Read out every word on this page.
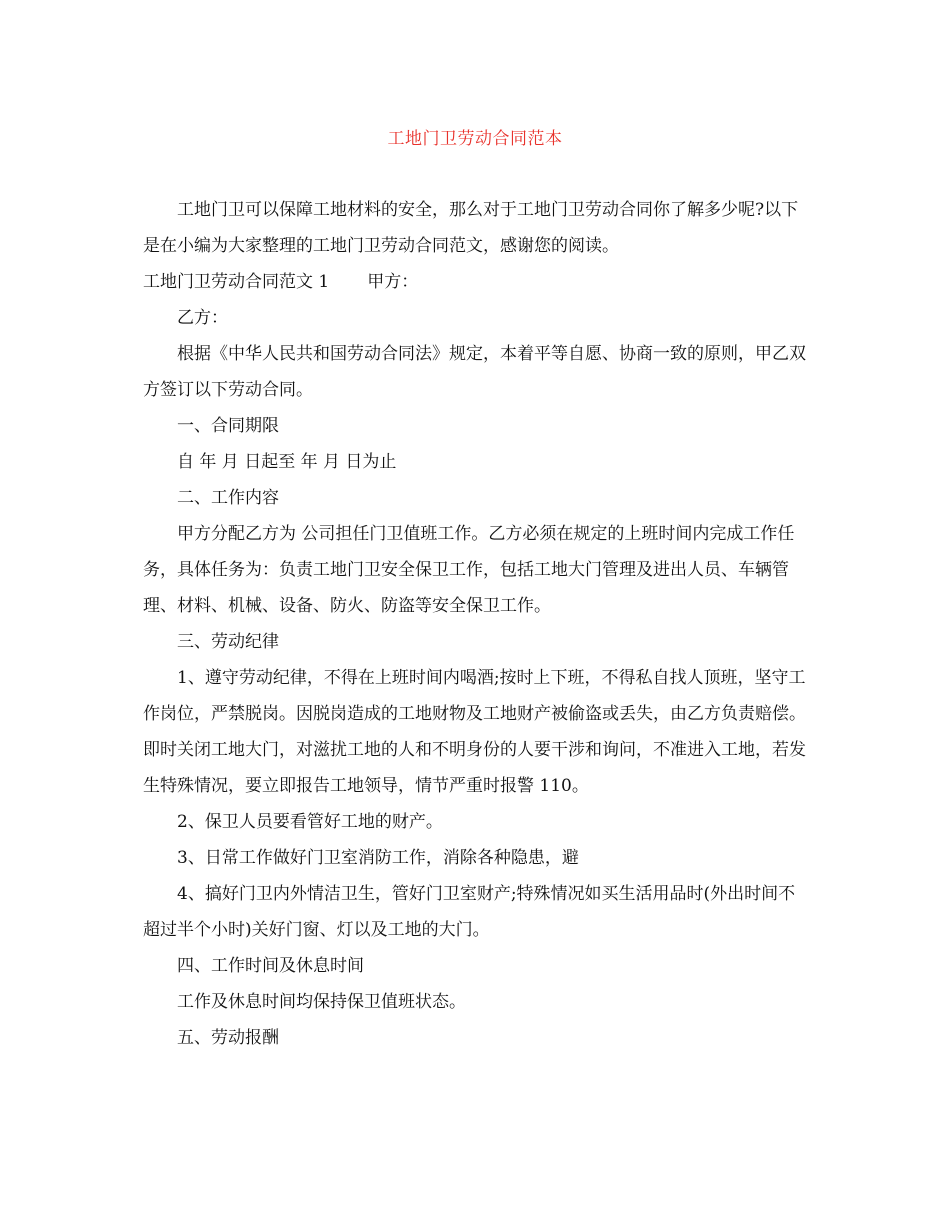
工地门卫劳动合同范本

工地门卫可以保障工地材料的安全，那么对于工地门卫劳动合同你了解多少呢?以下是在小编为大家整理的工地门卫劳动合同范文，感谢您的阅读。

工地门卫劳动合同范文 1 甲方：

乙方：

根据《中华人民共和国劳动合同法》规定，本着平等自愿、协商一致的原则，甲乙双方签订以下劳动合同。

一、合同期限

自 年 月 日起至 年 月 日为止

二、工作内容

甲方分配乙方为 公司担任门卫值班工作。乙方必须在规定的上班时间内完成工作任务，具体任务为：负责工地门卫安全保卫工作，包括工地大门管理及进出人员、车辆管理、材料、机械、设备、防火、防盗等安全保卫工作。

三、劳动纪律

1、遵守劳动纪律，不得在上班时间内喝酒;按时上下班，不得私自找人顶班，坚守工作岗位，严禁脱岗。因脱岗造成的工地财物及工地财产被偷盗或丢失，由乙方负责赔偿。即时关闭工地大门，对滋扰工地的人和不明身份的人要干涉和询问，不准进入工地，若发生特殊情况，要立即报告工地领导，情节严重时报警 110。

2、保卫人员要看管好工地的财产。

3、日常工作做好门卫室消防工作，消除各种隐患，避

4、搞好门卫内外情洁卫生，管好门卫室财产;特殊情况如买生活用品时(外出时间不超过半个小时)关好门窗、灯以及工地的大门。

四、工作时间及休息时间

工作及休息时间均保持保卫值班状态。

五、劳动报酬
